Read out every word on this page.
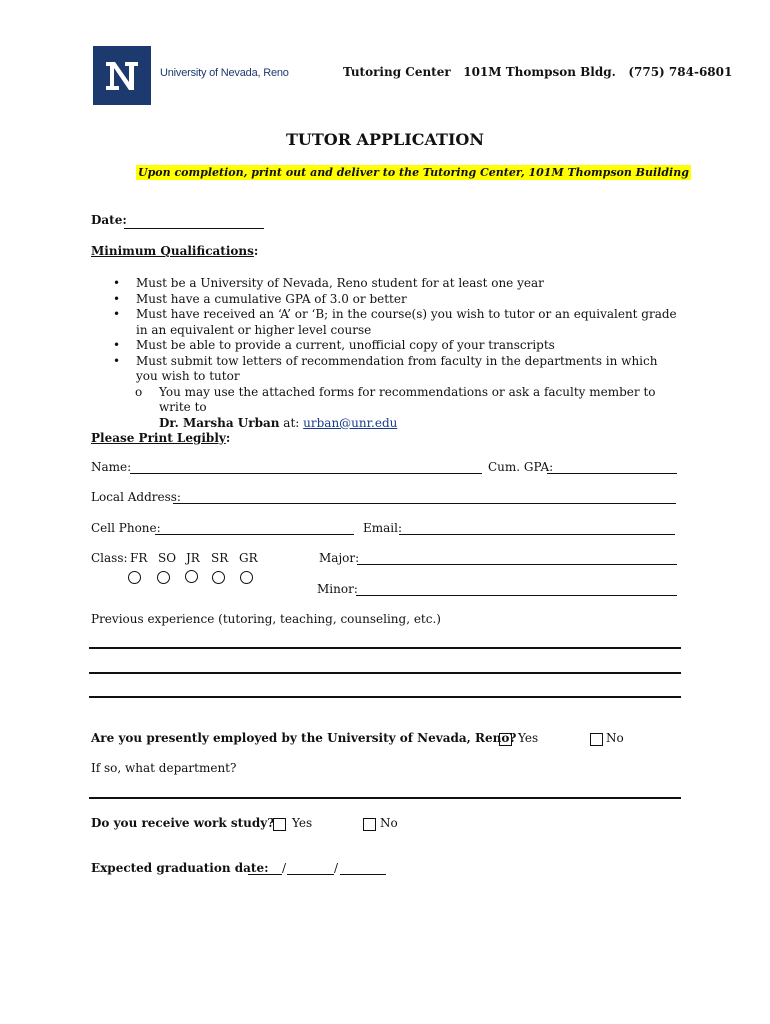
University of Nevada, Reno	Tutoring Center   101M Thompson Bldg.   (775) 784-6801
TUTOR APPLICATION
Upon completion, print out and deliver to the Tutoring Center, 101M Thompson Building
Date:
Minimum Qualifications:
• Must be a University of Nevada, Reno student for at least one year
• Must have a cumulative GPA of 3.0 or better
• Must have received an ‘A’ or ‘B; in the course(s) you wish to tutor or an equivalent grade in an equivalent or higher level course
• Must be able to provide a current, unofficial copy of your transcripts
• Must submit tow letters of recommendation from faculty in the departments in which you wish to tutor
o You may use the attached forms for recommendations or ask a faculty member to write to
Dr. Marsha Urban at: urban@unr.edu
Please Print Legibly:
Name:	Cum. GPA:
Local Address:
Cell Phone:	Email:
Class: FR SO JR SR GR	Major:
Minor:
Previous experience (tutoring, teaching, counseling, etc.)
Are you presently employed by the University of Nevada, Reno? Yes	No
If so, what department?
Do you receive work study? Yes	No
Expected graduation date: /	/
